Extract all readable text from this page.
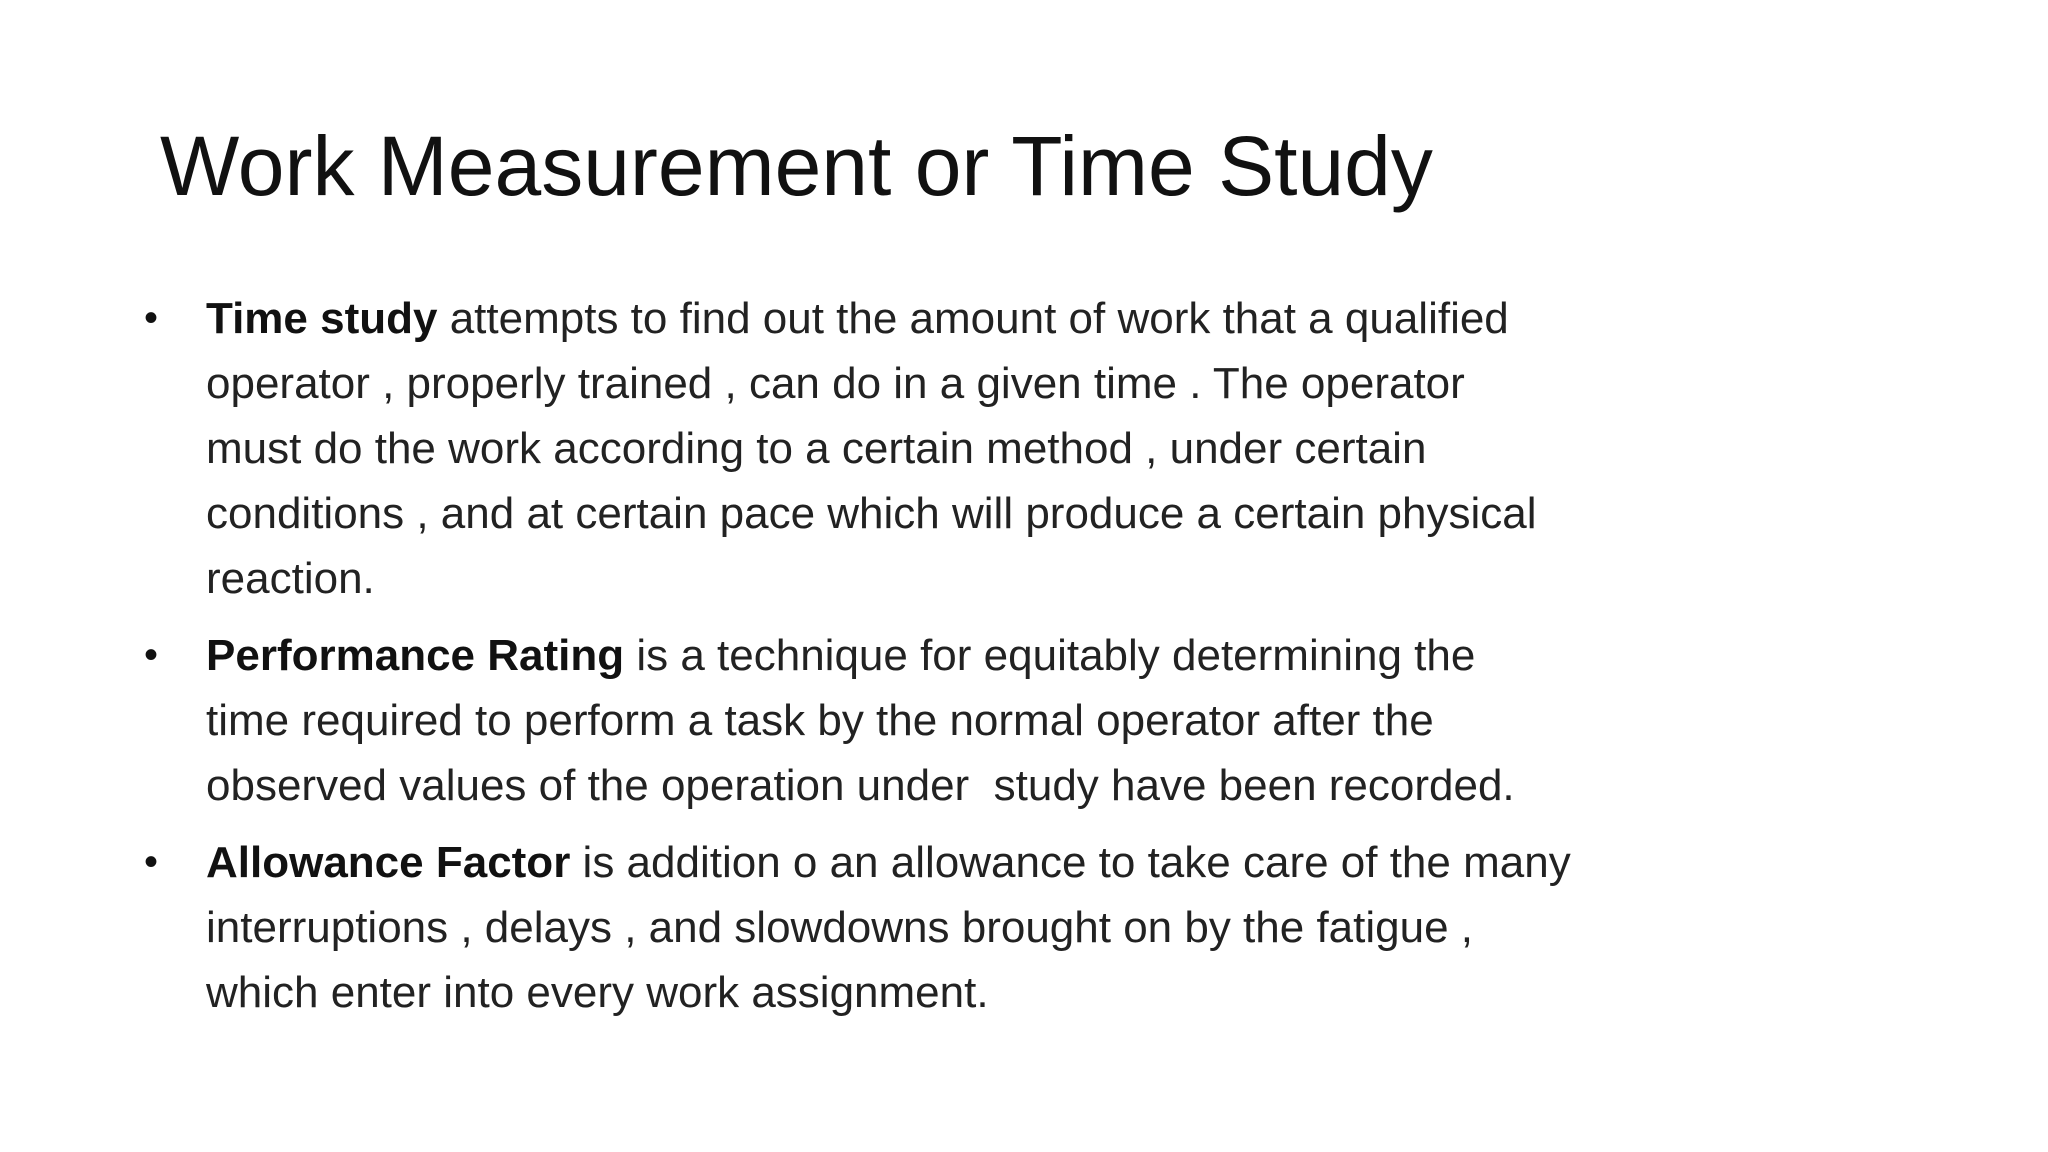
Work Measurement or Time Study
• Time study attempts to find out the amount of work that a qualified
operator , properly trained , can do in a given time . The operator
must do the work according to a certain method , under certain
conditions , and at certain pace which will produce a certain physical
reaction.
• Performance Rating is a technique for equitably determining the
time required to perform a task by the normal operator after the
observed values of the operation under  study have been recorded.
• Allowance Factor is addition o an allowance to take care of the many
interruptions , delays , and slowdowns brought on by the fatigue ,
which enter into every work assignment.
